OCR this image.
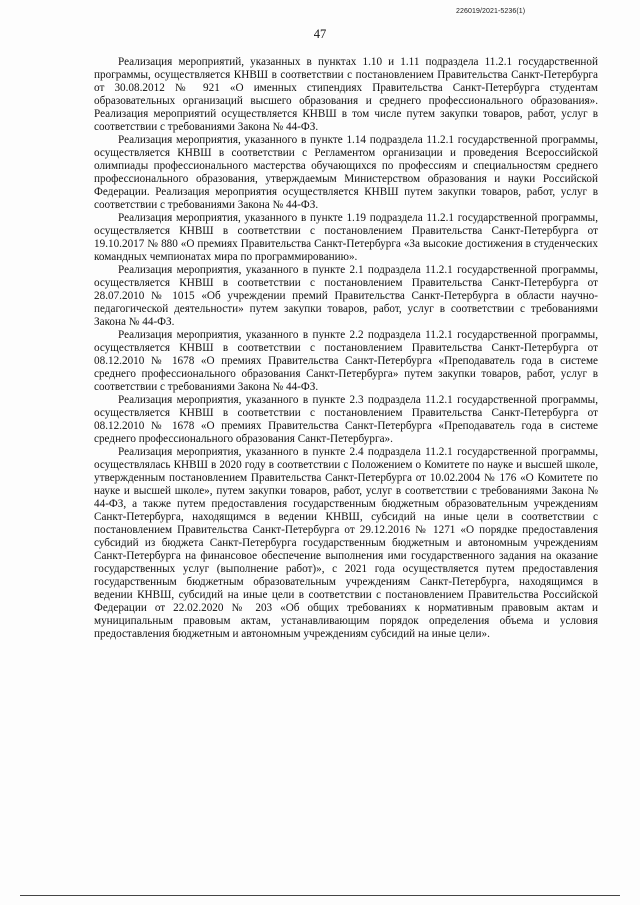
226019/2021-5236(1)
47

Реализация мероприятий, указанных в пунктах 1.10 и 1.11 подраздела 11.2.1 государственной программы, осуществляется КНВШ в соответствии с постановлением Правительства Санкт-Петербурга от 30.08.2012 № 921 «О именных стипендиях Правительства Санкт-Петербурга студентам образовательных организаций высшего образования и среднего профессионального образования». Реализация мероприятий осуществляется КНВШ в том числе путем закупки товаров, работ, услуг в соответствии с требованиями Закона № 44-ФЗ.

Реализация мероприятия, указанного в пункте 1.14 подраздела 11.2.1 государственной программы, осуществляется КНВШ в соответствии с Регламентом организации и проведения Всероссийской олимпиады профессионального мастерства обучающихся по профессиям и специальностям среднего профессионального образования, утверждаемым Министерством образования и науки Российской Федерации. Реализация мероприятия осуществляется КНВШ путем закупки товаров, работ, услуг в соответствии с требованиями Закона № 44-ФЗ.

Реализация мероприятия, указанного в пункте 1.19 подраздела 11.2.1 государственной программы, осуществляется КНВШ в соответствии с постановлением Правительства Санкт-Петербурга от 19.10.2017 № 880 «О премиях Правительства Санкт-Петербурга «За высокие достижения в студенческих командных чемпионатах мира по программированию».

Реализация мероприятия, указанного в пункте 2.1 подраздела 11.2.1 государственной программы, осуществляется КНВШ в соответствии с постановлением Правительства Санкт-Петербурга от 28.07.2010 № 1015 «Об учреждении премий Правительства Санкт-Петербурга в области научно-педагогической деятельности» путем закупки товаров, работ, услуг в соответствии с требованиями Закона № 44-ФЗ.

Реализация мероприятия, указанного в пункте 2.2 подраздела 11.2.1 государственной программы, осуществляется КНВШ в соответствии с постановлением Правительства Санкт-Петербурга от 08.12.2010 № 1678 «О премиях Правительства Санкт-Петербурга «Преподаватель года в системе среднего профессионального образования Санкт-Петербурга» путем закупки товаров, работ, услуг в соответствии с требованиями Закона № 44-ФЗ.

Реализация мероприятия, указанного в пункте 2.3 подраздела 11.2.1 государственной программы, осуществляется КНВШ в соответствии с постановлением Правительства Санкт-Петербурга от 08.12.2010 № 1678 «О премиях Правительства Санкт-Петербурга «Преподаватель года в системе среднего профессионального образования Санкт-Петербурга».

Реализация мероприятия, указанного в пункте 2.4 подраздела 11.2.1 государственной программы, осуществлялась КНВШ в 2020 году в соответствии с Положением о Комитете по науке и высшей школе, утвержденным постановлением Правительства Санкт-Петербурга от 10.02.2004 № 176 «О Комитете по науке и высшей школе», путем закупки товаров, работ, услуг в соответствии с требованиями Закона № 44-ФЗ, а также путем предоставления государственным бюджетным образовательным учреждениям Санкт-Петербурга, находящимся в ведении КНВШ, субсидий на иные цели в соответствии с постановлением Правительства Санкт-Петербурга от 29.12.2016 № 1271 «О порядке предоставления субсидий из бюджета Санкт-Петербурга государственным бюджетным и автономным учреждениям Санкт-Петербурга на финансовое обеспечение выполнения ими государственного задания на оказание государственных услуг (выполнение работ)», с 2021 года осуществляется путем предоставления государственным бюджетным образовательным учреждениям Санкт-Петербурга, находящимся в ведении КНВШ, субсидий на иные цели в соответствии с постановлением Правительства Российской Федерации от 22.02.2020 № 203 «Об общих требованиях к нормативным правовым актам и муниципальным правовым актам, устанавливающим порядок определения объема и условия предоставления бюджетным и автономным учреждениям субсидий на иные цели».
